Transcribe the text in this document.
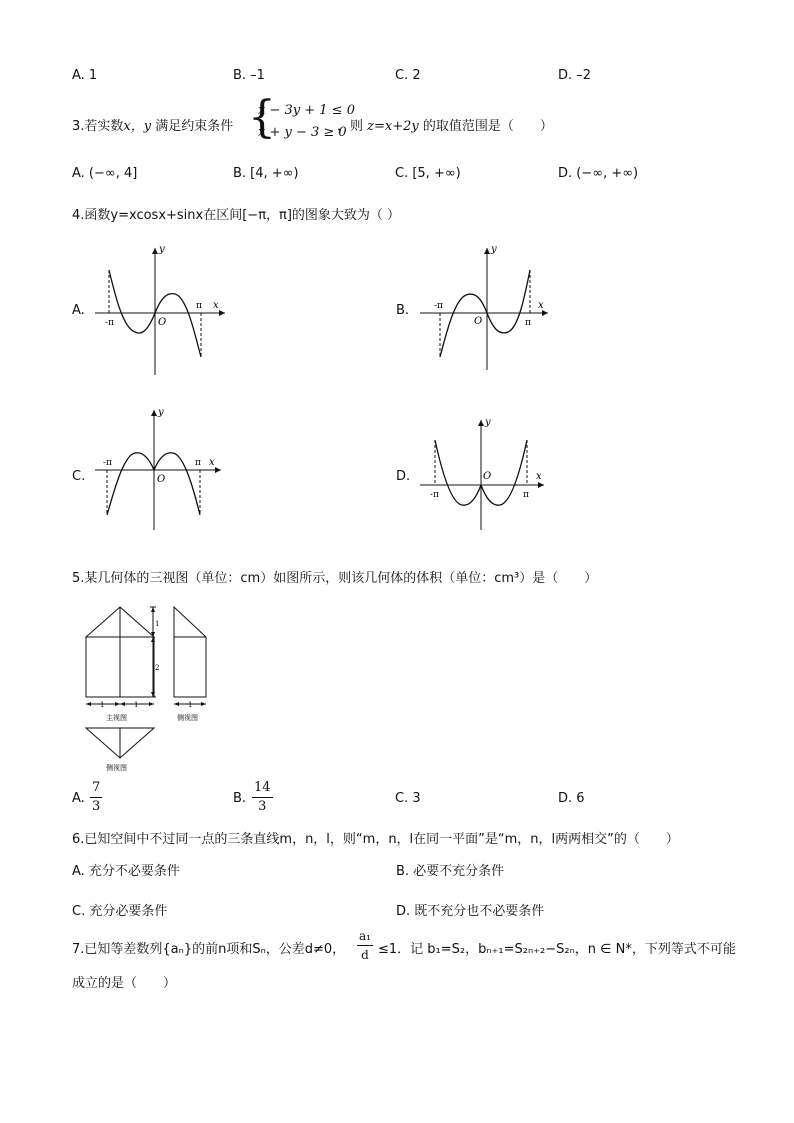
A. 1	B. –1	C. 2	D. –2
3.若实数x，y 满足约束条件 {
x − 3y + 1 ≤ 0
x + y − 3 ≥ 0
，则 z=x+2y 的取值范围是（　　）
A. (−∞, 4]	B. [4, +∞)	C. [5, +∞)	D. (−∞, +∞)
4.函数y=xcosx+sinx在区间[−π，π]的图象大致为（ ）
A.
y
x
O
-π
π	B.
y
x
O
-π
π
C.
y
x
O
-π	π
D.
y
x
O
-π	π
5.某几何体的三视图（单位：cm）如图所示，则该几何体的体积（单位：cm³）是（　　）
1
2
1	1
主视图
1
侧视图
侧视图
A. $\frac{7}{3}$	B. $\frac{14}{3}$	C. 3	D. 6
6.已知空间中不过同一点的三条直线m，n，l，则“m，n，l在同一平面”是“m，n，l两两相交”的（　　）
A. 充分不必要条件	B. 必要不充分条件
C. 充分必要条件	D. 既不充分也不必要条件
7.已知等差数列{aₙ}的前n项和Sₙ，公差d≠0， $\frac{\text{a₁}}{d} \le 1$．记 b₁=S₂，bₙ₊₁=S₂ₙ₊₂−S₂ₙ，n ∈ N*，下列等式不可能
成立的是（　　）
